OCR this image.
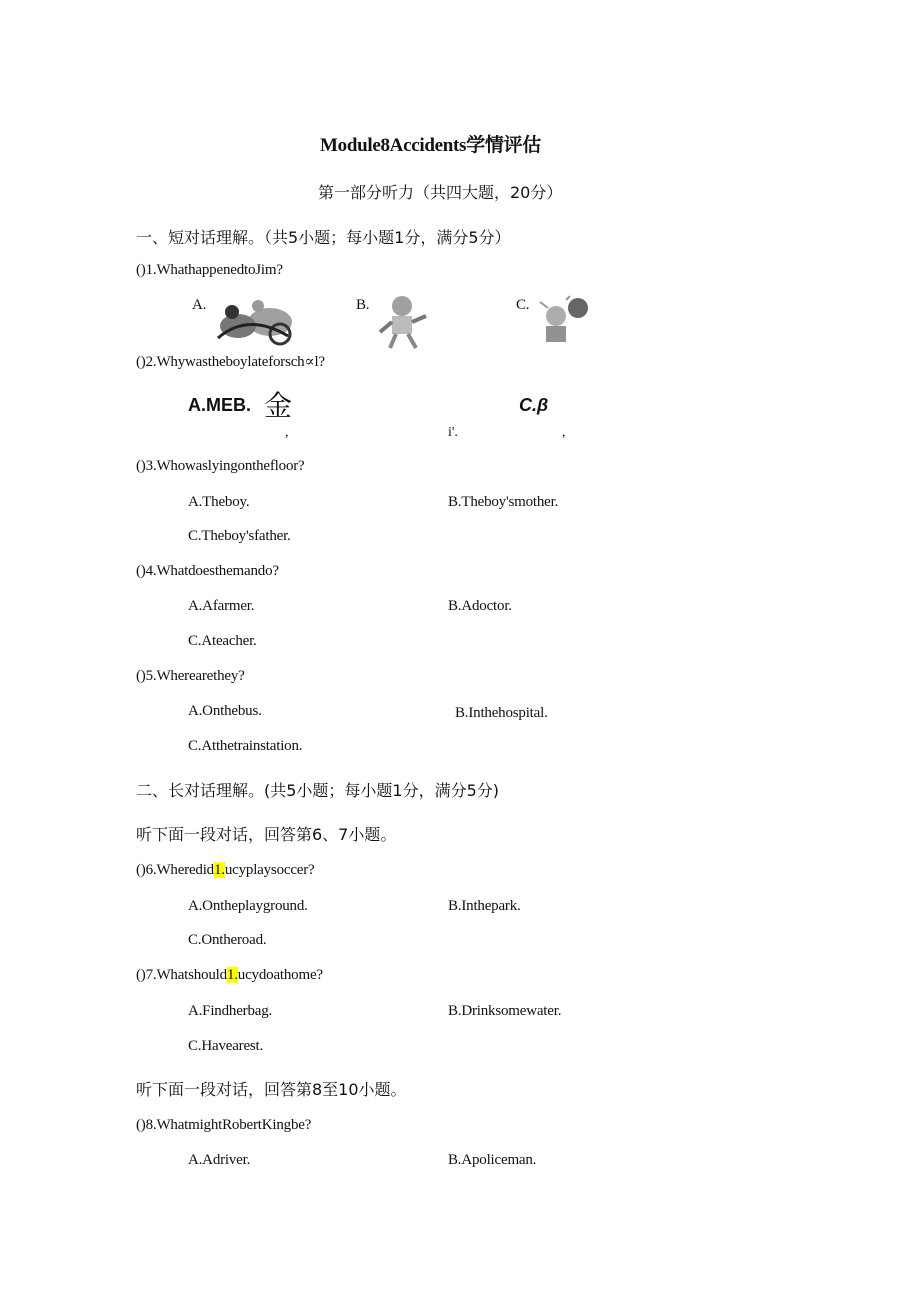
Module8Accidents学情评估
第一部分听力（共四大题，20分）
一、短对话理解。（共5小题；每小题1分，满分5分）
()1.WhathappenedtoJim?
A.	B.	C.
()2.Whywastheboylateforsch∝l?
A.MEB. 金	C.β
,	i'.	,
()3.Whowaslyingonthefloor?
A.Theboy.	B.Theboy'smother.
C.Theboy'sfather.
()4.Whatdoesthemando?
A.Afarmer.	B.Adoctor.
C.Ateacher.
()5.Wherearethey?
A.Onthebus.	B.Inthehospital.
C.Atthetrainstation.
二、长对话理解。(共5小题；每小题1分，满分5分)
听下面一段对话，回答第6、7小题。
()6.Wheredid1.ucyplaysoccer?
A.Ontheplayground.	B.Inthepark.
C.Ontheroad.
()7.Whatshould1.ucydoathome?
A.Findherbag.	B.Drinksomewater.
C.Havearest.
听下面一段对话，回答第8至10小题。
()8.WhatmightRobertKingbe?
A.Adriver.	B.Apoliceman.
